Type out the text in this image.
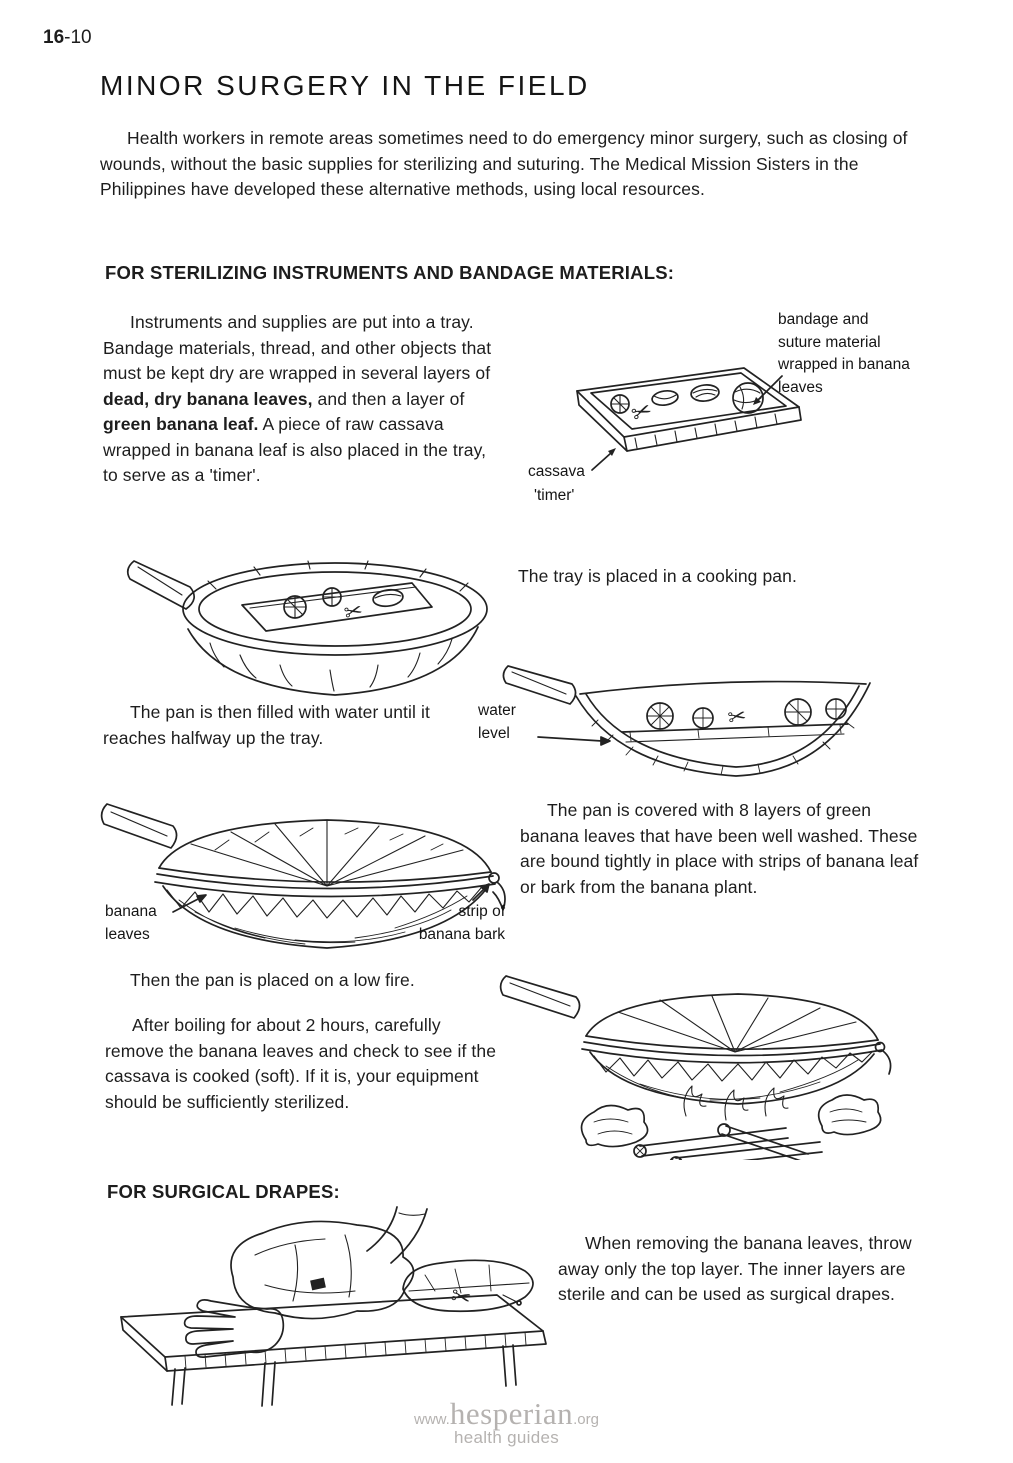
✂
✂
✂
✂
16-10
MINOR SURGERY IN THE FIELD

Health workers in remote areas sometimes need to do emergency minor surgery, such as closing of wounds, without the basic supplies for sterilizing and suturing. The Medical Mission Sisters in the Philippines have developed these alternative methods, using local resources.

FOR STERILIZING INSTRUMENTS AND BANDAGE MATERIALS:

Instruments and supplies are put into a tray. Bandage materials, thread, and other objects that must be kept dry are wrapped in several layers of dead, dry banana leaves, and then a layer of green banana leaf. A piece of raw cassava wrapped in banana leaf is also placed in the tray, to serve as a 'timer'.

bandage and suture material wrapped in banana leaves
cassava
'timer'

The tray is placed in a cooking pan.

The pan is then filled with water until it reaches halfway up the tray.

water level

The pan is covered with 8 layers of green banana leaves that have been well washed. These are bound tightly in place with strips of banana leaf or bark from the banana plant.

banana leaves
strip of banana bark

Then the pan is placed on a low fire.

After boiling for about 2 hours, carefully remove the banana leaves and check to see if the cassava is cooked (soft). If it is, your equipment should be sufficiently sterilized.

FOR SURGICAL DRAPES:

When removing the banana leaves, throw away only the top layer. The inner layers are sterile and can be used as surgical drapes.

www.hesperian.org
health guides
